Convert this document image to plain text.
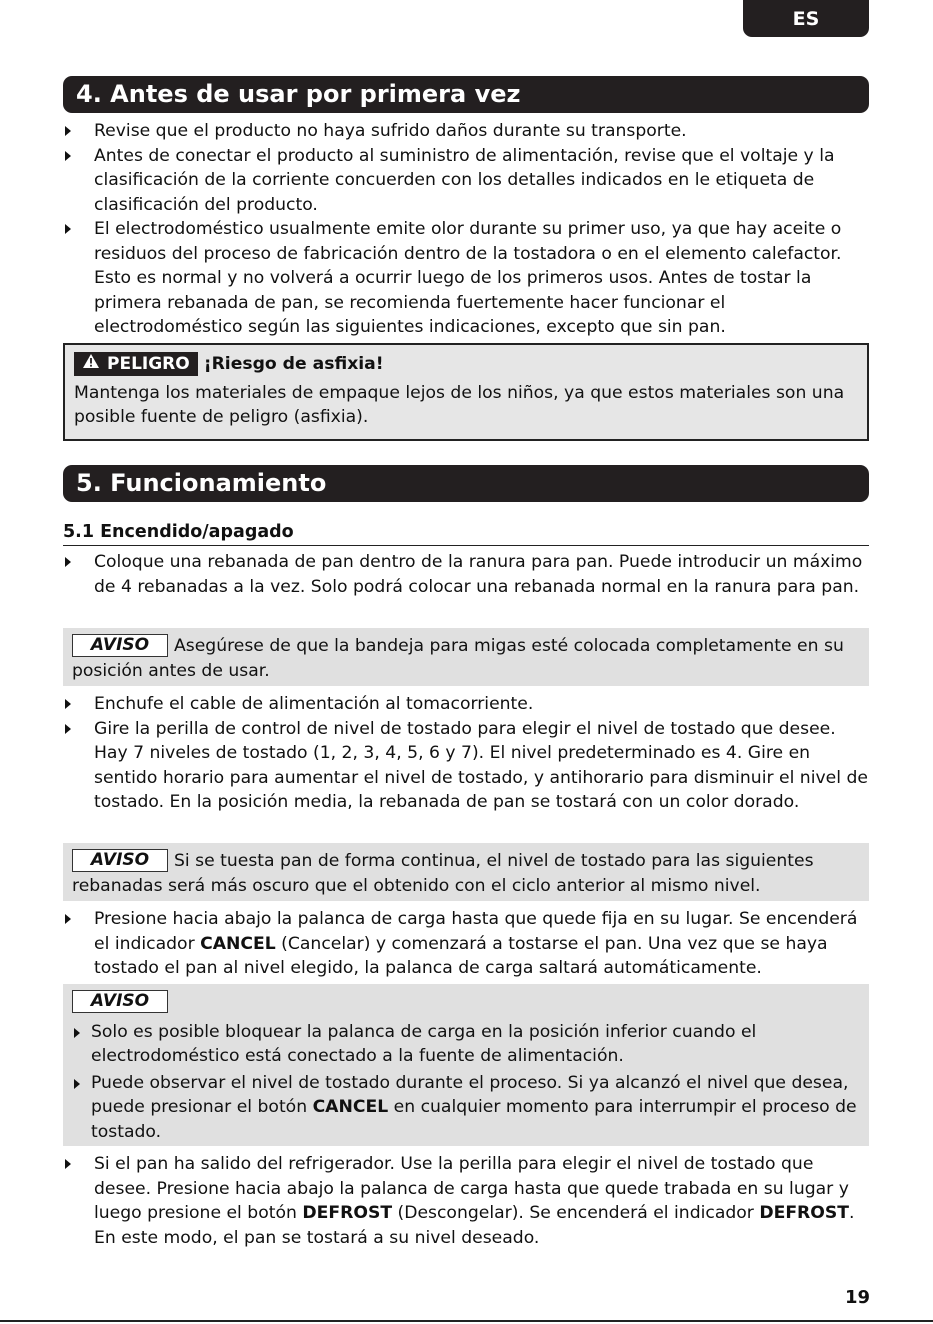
ES
4. Antes de usar por primera vez
Revise que el producto no haya sufrido daños durante su transporte.
Antes de conectar el producto al suministro de alimentación, revise que el voltaje y la clasificación de la corriente concuerden con los detalles indicados en le etiqueta de clasificación del producto.
El electrodoméstico usualmente emite olor durante su primer uso, ya que hay aceite o residuos del proceso de fabricación dentro de la tostadora o en el elemento calefactor. Esto es normal y no volverá a ocurrir luego de los primeros usos. Antes de tostar la primera rebanada de pan, se recomienda fuertemente hacer funcionar el electrodoméstico según las siguientes indicaciones, excepto que sin pan.
PELIGRO ¡Riesgo de asfixia!
Mantenga los materiales de empaque lejos de los niños, ya que estos materiales son una posible fuente de peligro (asfixia).
5. Funcionamiento
5.1 Encendido/apagado
Coloque una rebanada de pan dentro de la ranura para pan. Puede introducir un máximo de 4 rebanadas a la vez. Solo podrá colocar una rebanada normal en la ranura para pan.
AVISO Asegúrese de que la bandeja para migas esté colocada completamente en su posición antes de usar.
Enchufe el cable de alimentación al tomacorriente.
Gire la perilla de control de nivel de tostado para elegir el nivel de tostado que desee. Hay 7 niveles de tostado (1, 2, 3, 4, 5, 6 y 7). El nivel predeterminado es 4. Gire en sentido horario para aumentar el nivel de tostado, y antihorario para disminuir el nivel de tostado. En la posición media, la rebanada de pan se tostará con un color dorado.
AVISO Si se tuesta pan de forma continua, el nivel de tostado para las siguientes rebanadas será más oscuro que el obtenido con el ciclo anterior al mismo nivel.
Presione hacia abajo la palanca de carga hasta que quede fija en su lugar. Se encenderá el indicador CANCEL (Cancelar) y comenzará a tostarse el pan. Una vez que se haya tostado el pan al nivel elegido, la palanca de carga saltará automáticamente.
AVISO
Solo es posible bloquear la palanca de carga en la posición inferior cuando el electrodoméstico está conectado a la fuente de alimentación.
Puede observar el nivel de tostado durante el proceso. Si ya alcanzó el nivel que desea, puede presionar el botón CANCEL en cualquier momento para interrumpir el proceso de tostado.
Si el pan ha salido del refrigerador. Use la perilla para elegir el nivel de tostado que desee. Presione hacia abajo la palanca de carga hasta que quede trabada en su lugar y luego presione el botón DEFROST (Descongelar). Se encenderá el indicador DEFROST. En este modo, el pan se tostará a su nivel deseado.
19
